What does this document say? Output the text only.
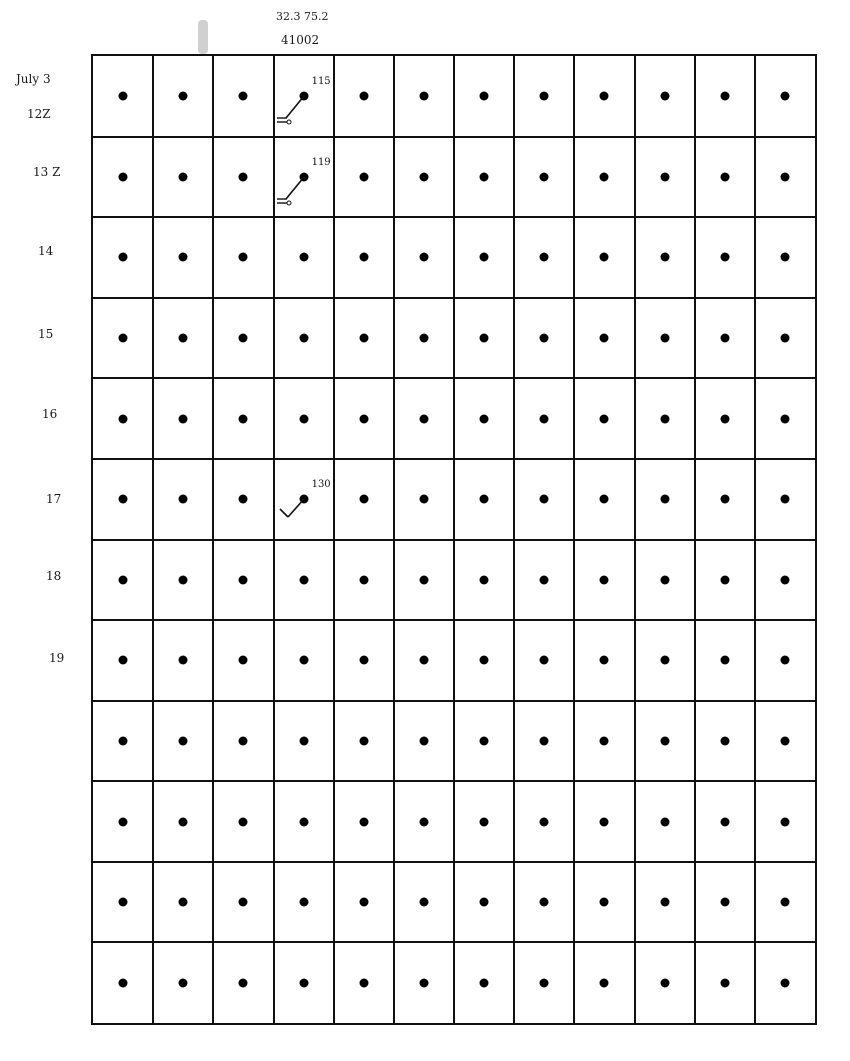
32.3 75.2
41002
July 3
12Z
13 Z
14
15
16
17
18
19
115
119
130
